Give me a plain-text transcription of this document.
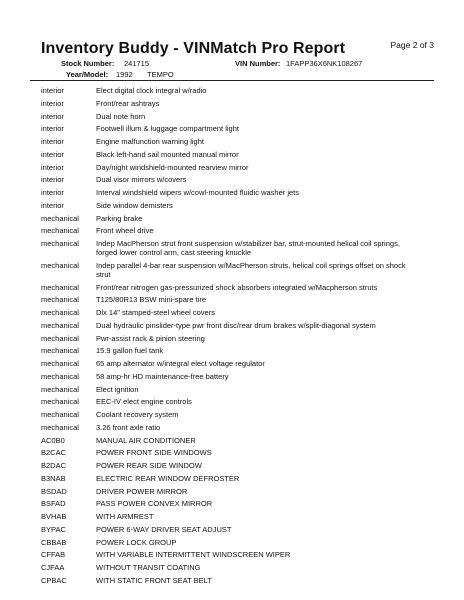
Page 2 of 3
Inventory Buddy - VINMatch Pro Report
Stock Number: 241715	VIN Number: 1FAPP36X6NK108267
Year/Model: 1992 TEMPO
interior	Elect digital clock integral w/radio
interior	Front/rear ashtrays
interior	Dual note horn
interior	Footwell illum & luggage compartment light
interior	Engine malfunction warning light
interior	Black left-hand sail mounted manual mirror
interior	Day/night windshield-mounted rearview mirror
interior	Dual visor mirrors w/covers
interior	Interval windshield wipers w/cowl-mounted fluidic washer jets
interior	Side window demisters
mechanical	Parking brake
mechanical	Front wheel drive
mechanical	Indep MacPherson strut front suspension w/stabilizer bar, strut-mounted helical coil springs, forged lower control arm, cast steering knuckle
mechanical	Indep parallel 4-bar rear suspension w/MacPherson struts, helical coil springs offset on shock strut
mechanical	Front/rear nitrogen gas-pressurized shock absorbers integrated w/Macpherson struts
mechanical	T125/80R13 BSW mini-spare tire
mechanical	Dlx 14" stamped-steel wheel covers
mechanical	Dual hydraulic pinslider-type pwr front disc/rear drum brakes w/split-diagonal system
mechanical	Pwr-assist rack & pinion steering
mechanical	15.9 gallon fuel tank
mechanical	65 amp alternator w/integral elect voltage regulator
mechanical	58 amp-hr HD maintenance-free battery
mechanical	Elect ignition
mechanical	EEC-IV elect engine controls
mechanical	Coolant recovery system
mechanical	3.26 front axle ratio
AC0B0	MANUAL AIR CONDITIONER
B2CAC	POWER FRONT SIDE WINDOWS
B2DAC	POWER REAR SIDE WINDOW
B3NAB	ELECTRIC REAR WINDOW DEFROSTER
BSDAD	DRIVER POWER MIRROR
BSFAD	PASS POWER CONVEX MIRROR
BVHAB	WITH ARMREST
BYPAC	POWER 6-WAY DRIVER SEAT ADJUST
CBBAB	POWER LOCK GROUP
CFFAB	WITH VARIABLE INTERMITTENT WINDSCREEN WIPER
CJFAA	WITHOUT TRANSIT COATING
CPBAC	WITH STATIC FRONT SEAT BELT
